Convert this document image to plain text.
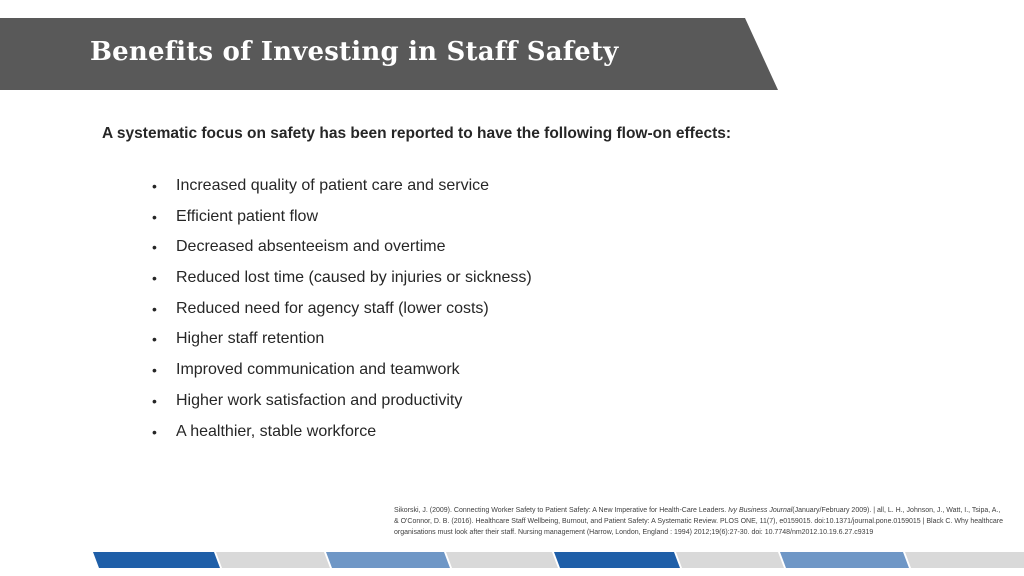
Benefits of Investing in Staff Safety
A systematic focus on safety has been reported to have the following flow-on effects:
•	Increased quality of patient care and service
•	Efficient patient flow
•	Decreased absenteeism and overtime
•	Reduced lost time (caused by injuries or sickness)
•	Reduced need for agency staff (lower costs)
•	Higher staff retention
•	Improved communication and teamwork
•	Higher work satisfaction and productivity
•	A healthier, stable workforce
Sikorski, J. (2009). Connecting Worker Safety to Patient Safety: A New Imperative for Health-Care Leaders. Ivy Business Journal(January/February 2009). | all, L. H., Johnson, J., Watt, I., Tsipa, A., & O'Connor, D. B. (2016). Healthcare Staff Wellbeing, Burnout, and Patient Safety: A Systematic Review. PLOS ONE, 11(7), e0159015. doi:10.1371/journal.pone.0159015 | Black C. Why healthcare organisations must look after their staff. Nursing management (Harrow, London, England : 1994) 2012;19(6):27-30. doi: 10.7748/nm2012.10.19.6.27.c9319
